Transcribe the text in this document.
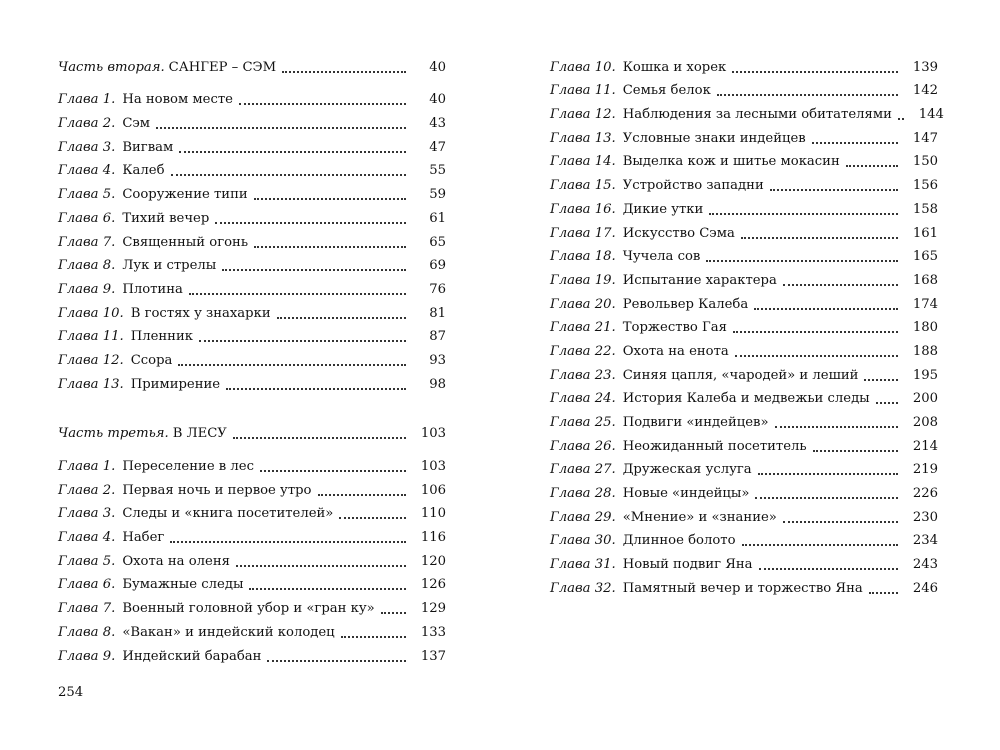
Часть вторая. САНГЕР – СЭМ	40
Глава 1. На новом месте	40
Глава 2. Сэм	43
Глава 3. Вигвам	47
Глава 4. Калеб	55
Глава 5. Сооружение типи	59
Глава 6. Тихий вечер	61
Глава 7. Священный огонь	65
Глава 8. Лук и стрелы	69
Глава 9. Плотина	76
Глава 10. В гостях у знахарки	81
Глава 11. Пленник	87
Глава 12. Ссора	93
Глава 13. Примирение	98
Часть третья. В ЛЕСУ	103
Глава 1. Переселение в лес	103
Глава 2. Первая ночь и первое утро	106
Глава 3. Следы и «книга посетителей»	110
Глава 4. Набег	116
Глава 5. Охота на оленя	120
Глава 6. Бумажные следы	126
Глава 7. Военный головной убор и «гран ку»	129
Глава 8. «Вакан» и индейский колодец	133
Глава 9. Индейский барабан	137
Глава 10. Кошка и хорек	139
Глава 11. Семья белок	142
Глава 12. Наблюдения за лесными обитателями	144
Глава 13. Условные знаки индейцев	147
Глава 14. Выделка кож и шитье мокасин	150
Глава 15. Устройство западни	156
Глава 16. Дикие утки	158
Глава 17. Искусство Сэма	161
Глава 18. Чучела сов	165
Глава 19. Испытание характера	168
Глава 20. Револьвер Калеба	174
Глава 21. Торжество Гая	180
Глава 22. Охота на енота	188
Глава 23. Синяя цапля, «чародей» и леший	195
Глава 24. История Калеба и медвежьи следы	200
Глава 25. Подвиги «индейцев»	208
Глава 26. Неожиданный посетитель	214
Глава 27. Дружеская услуга	219
Глава 28. Новые «индейцы»	226
Глава 29. «Мнение» и «знание»	230
Глава 30. Длинное болото	234
Глава 31. Новый подвиг Яна	243
Глава 32. Памятный вечер и торжество Яна	246
254
